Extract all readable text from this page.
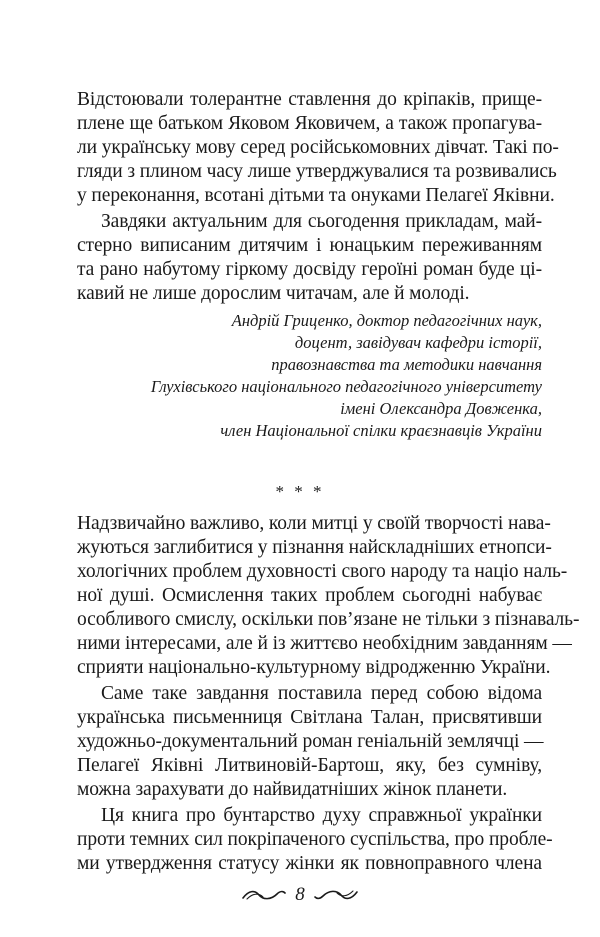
Відстоювали толерантне ставлення до кріпаків, прище-
плене ще батьком Яковом Яковичем, а також пропагува-
ли українську мову серед російськомовних дівчат. Такі по-
гляди з плином часу лише утверджувалися та розвивались
у переконання, всотані дітьми та онуками Пелагеї Яківни.
Завдяки актуальним для сьогодення прикладам, май-
стерно виписаним дитячим і юнацьким переживанням
та рано набутому гіркому досвіду героїні роман буде ці-
кавий не лише дорослим читачам, але й молоді.
Андрій Гриценко, доктор педагогічних наук,
доцент, завідувач кафедри історії,
правознавства та методики навчання
Глухівського національного педагогічного університету
імені Олександра Довженка,
член Національної спілки краєзнавців України
* * *
Надзвичайно важливо, коли митці у своїй творчості нава-
жуються заглибитися у пізнання найскладніших етнопси-
хологічних проблем духовності свого народу та націо наль-
ної душі. Осмислення таких проблем сьогодні набуває
особливого смислу, оскільки пов’язане не тільки з пізнаваль-
ними інтересами, але й із життєво необхідним завданням —
сприяти національно-культурному відродженню України.
Саме таке завдання поставила перед собою відома
українська письменниця Світлана Талан, присвятивши
художньо-документальний роман геніальній землячці —
Пелагеї Яківні Литвиновій-Бартош, яку, без сумніву,
можна зарахувати до найвидатніших жінок планети.
Ця книга про бунтарство духу справжньої українки
проти темних сил покріпаченого суспільства, про пробле-
ми утвердження статусу жінки як повноправного члена
8
